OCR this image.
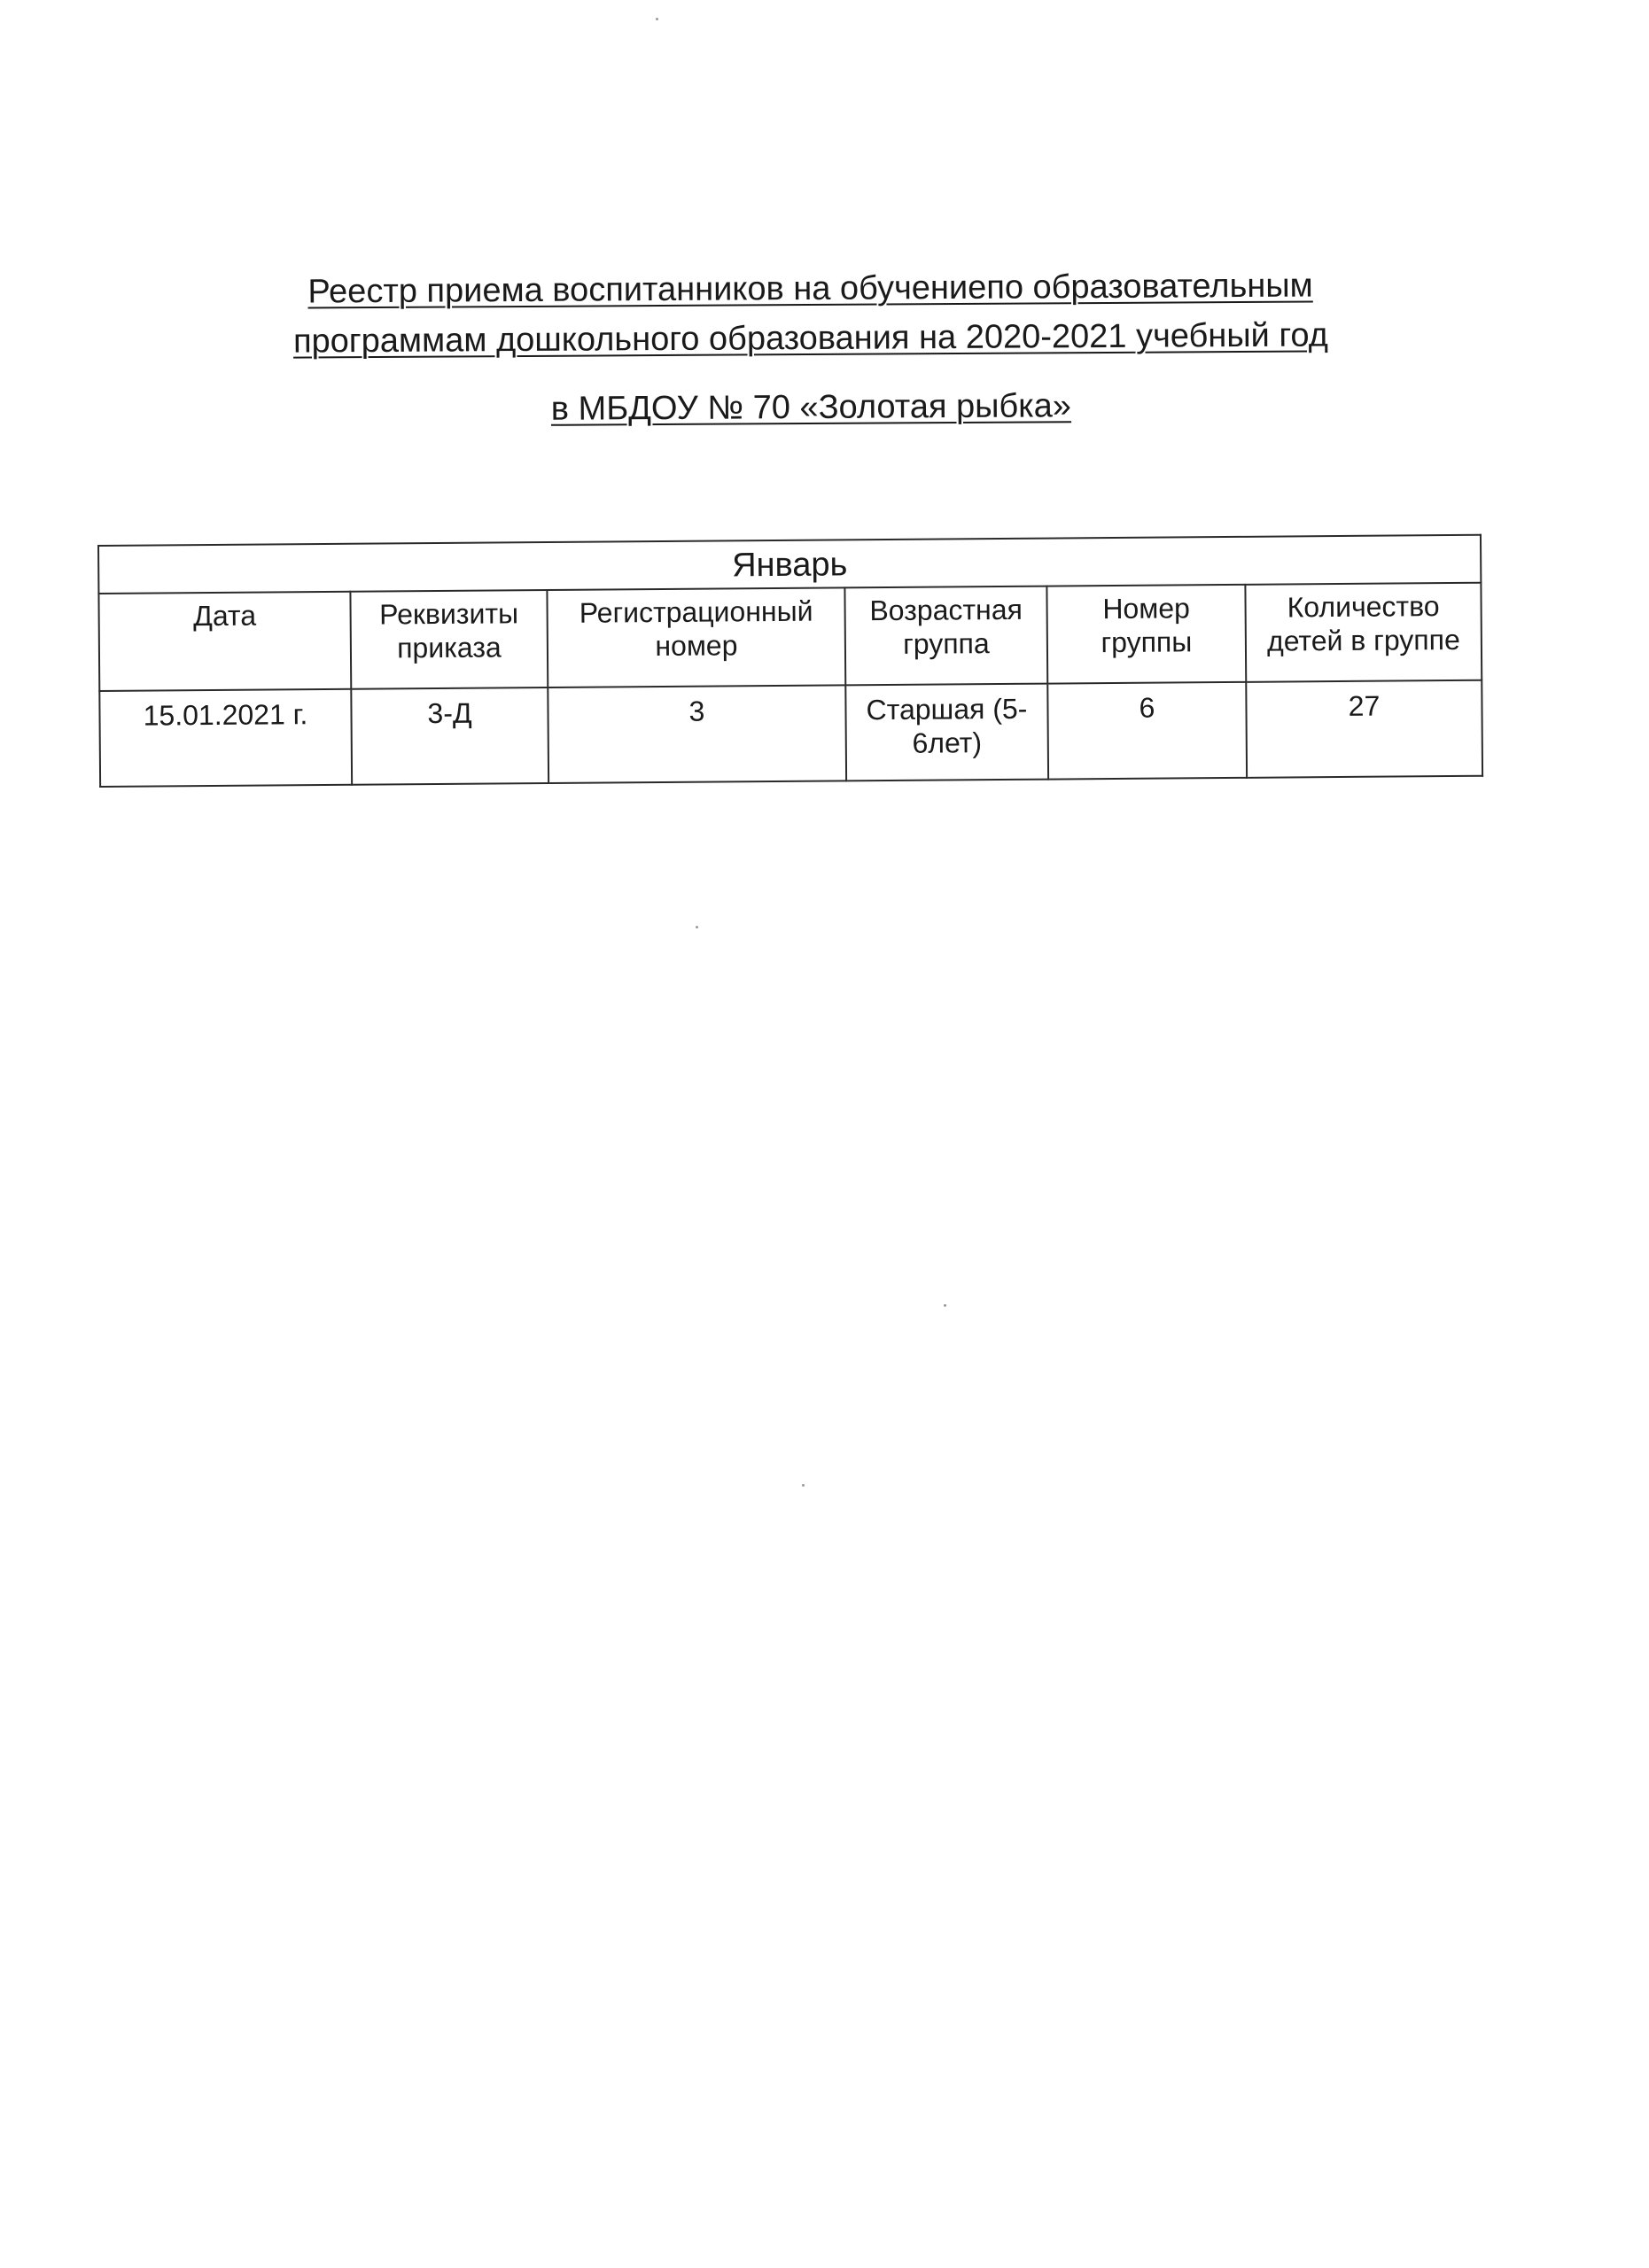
Реестр приема воспитанников на обучениепо образовательным
программам дошкольного образования на 2020-2021 учебный год
в МБДОУ № 70 «Золотая рыбка»
Январь					
Дата	Реквизиты приказа	Регистрационный номер	Возрастная группа	Номер группы	Количество детей в группе
15.01.2021 г.	3-Д	3	Старшая (5-6лет)	6	27
